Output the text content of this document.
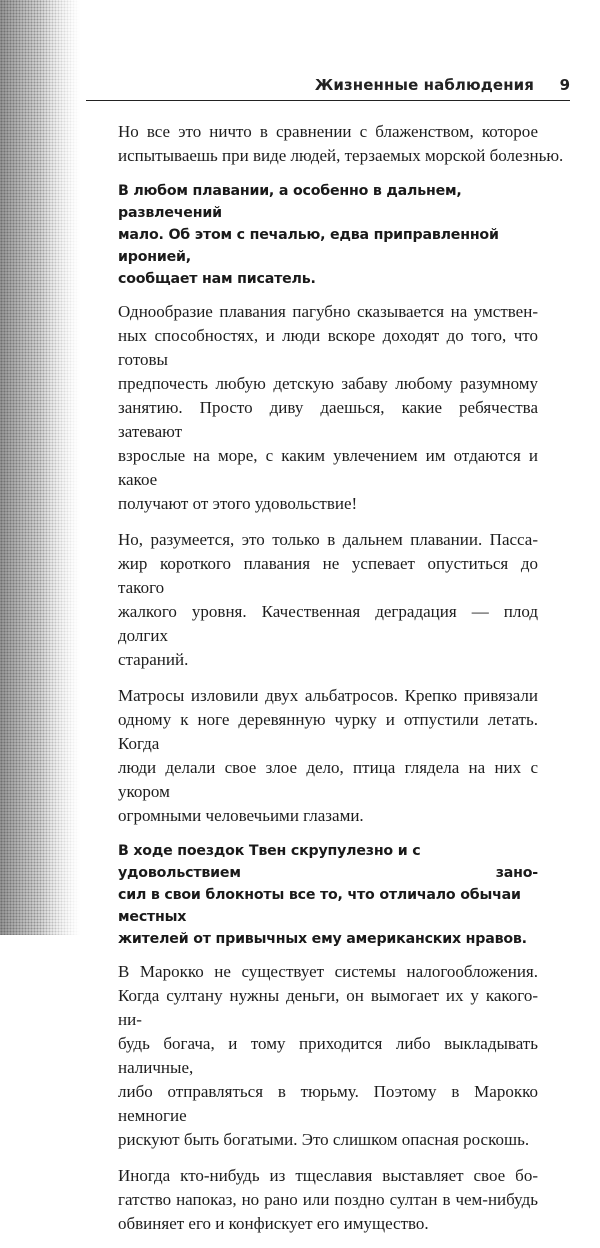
Жизненные наблюдения 9
Но все это ничто в сравнении с блаженством, которое
испытываешь при виде людей, терзаемых морской болезнью.
В любом плавании, а особенно в дальнем, развлечений
мало. Об этом с печалью, едва приправленной иронией,
сообщает нам писатель.
Однообразие плавания пагубно сказывается на умствен-
ных способностях, и люди вскоре доходят до того, что готовы
предпочесть любую детскую забаву любому разумному
занятию. Просто диву даешься, какие ребячества затевают
взрослые на море, с каким увлечением им отдаются и какое
получают от этого удовольствие!
Но, разумеется, это только в дальнем плавании. Пасса-
жир короткого плавания не успевает опуститься до такого
жалкого уровня. Качественная деградация — плод долгих
стараний.
Матросы изловили двух альбатросов. Крепко привязали
одному к ноге деревянную чурку и отпустили летать. Когда
люди делали свое злое дело, птица глядела на них с укором
огромными человечьими глазами.
В ходе поездок Твен скрупулезно и с удовольствием зано-
сил в свои блокноты все то, что отличало обычаи местных
жителей от привычных ему американских нравов.
В Марокко не существует системы налогообложения.
Когда султану нужны деньги, он вымогает их у какого-ни-
будь богача, и тому приходится либо выкладывать наличные,
либо отправляться в тюрьму. Поэтому в Марокко немногие
рискуют быть богатыми. Это слишком опасная роскошь.
Иногда кто-нибудь из тщеславия выставляет свое бо-
гатство напоказ, но рано или поздно султан в чем-нибудь
обвиняет его и конфискует его имущество.
